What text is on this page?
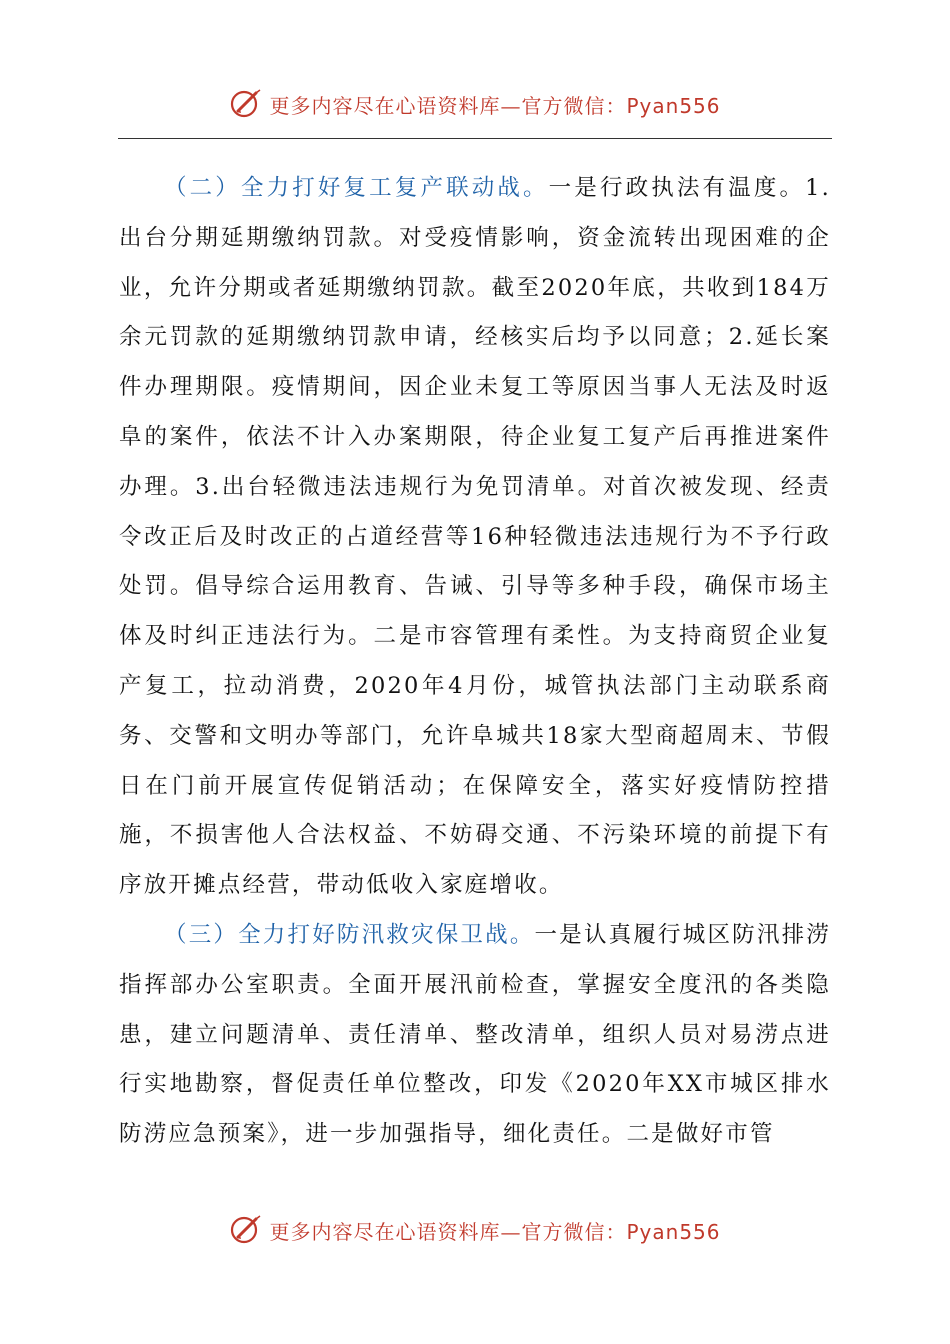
更多内容尽在心语资料库—官方微信：Pyan556

（二）全力打好复工复产联动战。一是行政执法有温度。1.出台分期延期缴纳罚款。对受疫情影响，资金流转出现困难的企业，允许分期或者延期缴纳罚款。截至2020年底，共收到184万余元罚款的延期缴纳罚款申请，经核实后均予以同意；2.延长案件办理期限。疫情期间，因企业未复工等原因当事人无法及时返阜的案件，依法不计入办案期限，待企业复工复产后再推进案件办理。3.出台轻微违法违规行为免罚清单。对首次被发现、经责令改正后及时改正的占道经营等16种轻微违法违规行为不予行政处罚。倡导综合运用教育、告诫、引导等多种手段，确保市场主体及时纠正违法行为。二是市容管理有柔性。为支持商贸企业复产复工，拉动消费，2020年4月份，城管执法部门主动联系商务、交警和文明办等部门，允许阜城共18家大型商超周末、节假日在门前开展宣传促销活动；在保障安全，落实好疫情防控措施，不损害他人合法权益、不妨碍交通、不污染环境的前提下有序放开摊点经营，带动低收入家庭增收。

（三）全力打好防汛救灾保卫战。一是认真履行城区防汛排涝指挥部办公室职责。全面开展汛前检查，掌握安全度汛的各类隐患，建立问题清单、责任清单、整改清单，组织人员对易涝点进行实地勘察，督促责任单位整改，印发《2020年XX市城区排水防涝应急预案》，进一步加强指导，细化责任。二是做好市管

更多内容尽在心语资料库—官方微信：Pyan556
